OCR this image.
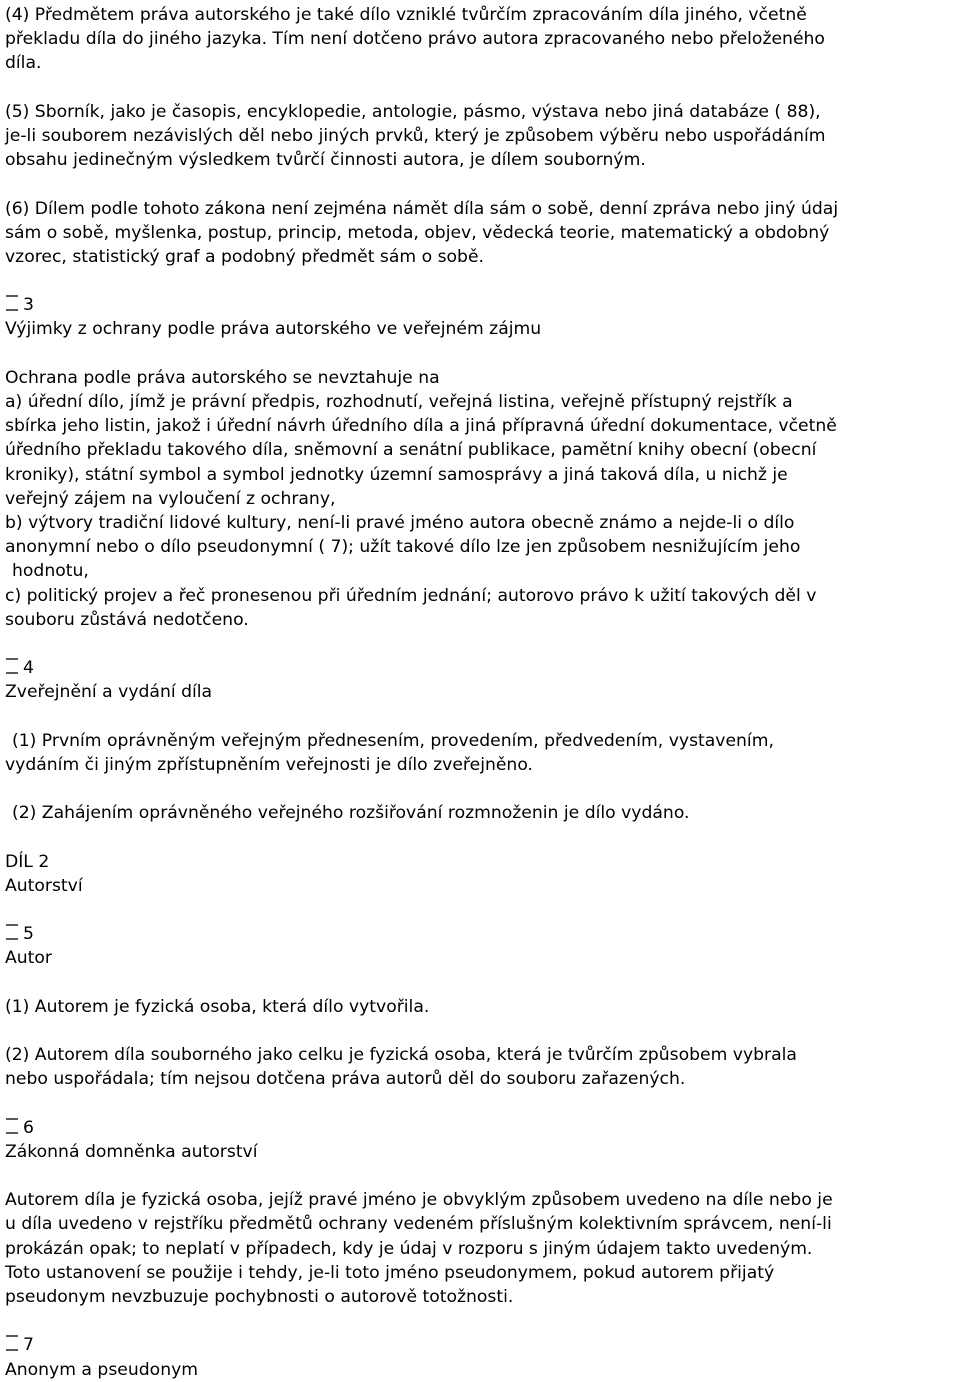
(4) Předmětem práva autorského je také dílo vzniklé tvůrčím zpracováním díla jiného, včetně
překladu díla do jiného jazyka. Tím není dotčeno právo autora zpracovaného nebo přeloženého
díla.
(5) Sborník, jako je časopis, encyklopedie, antologie, pásmo, výstava nebo jiná databáze ( 88),
je-li souborem nezávislých děl nebo jiných prvků, který je způsobem výběru nebo uspořádáním
obsahu jedinečným výsledkem tvůrčí činnosti autora, je dílem souborným.
(6) Dílem podle tohoto zákona není zejména námět díla sám o sobě, denní zpráva nebo jiný údaj
sám o sobě, myšlenka, postup, princip, metoda, objev, vědecká teorie, matematický a obdobný
vzorec, statistický graf a podobný předmět sám o sobě.
3
Výjimky z ochrany podle práva autorského ve veřejném zájmu
Ochrana podle práva autorského se nevztahuje na
a) úřední dílo, jímž je právní předpis, rozhodnutí, veřejná listina, veřejně přístupný rejstřík a
sbírka jeho listin, jakož i úřední návrh úředního díla a jiná přípravná úřední dokumentace, včetně
úředního překladu takového díla, sněmovní a senátní publikace, pamětní knihy obecní (obecní
kroniky), státní symbol a symbol jednotky územní samosprávy a jiná taková díla, u nichž je
veřejný zájem na vyloučení z ochrany,
b) výtvory tradiční lidové kultury, není-li pravé jméno autora obecně známo a nejde-li o dílo
anonymní nebo o dílo pseudonymní ( 7); užít takové dílo lze jen způsobem nesnižujícím jeho
hodnotu,
c) politický projev a řeč pronesenou při úředním jednání; autorovo právo k užití takových děl v
souboru zůstává nedotčeno.
4
Zveřejnění a vydání díla
(1) Prvním oprávněným veřejným přednesením, provedením, předvedením, vystavením,
vydáním či jiným zpřístupněním veřejnosti je dílo zveřejněno.
(2) Zahájením oprávněného veřejného rozšiřování rozmnoženin je dílo vydáno.
DÍL 2
Autorství
5
Autor
(1) Autorem je fyzická osoba, která dílo vytvořila.
(2) Autorem díla souborného jako celku je fyzická osoba, která je tvůrčím způsobem vybrala
nebo uspořádala; tím nejsou dotčena práva autorů děl do souboru zařazených.
6
Zákonná domněnka autorství
Autorem díla je fyzická osoba, jejíž pravé jméno je obvyklým způsobem uvedeno na díle nebo je
u díla uvedeno v rejstříku předmětů ochrany vedeném příslušným kolektivním správcem, není-li
prokázán opak; to neplatí v případech, kdy je údaj v rozporu s jiným údajem takto uvedeným.
Toto ustanovení se použije i tehdy, je-li toto jméno pseudonymem, pokud autorem přijatý
pseudonym nevzbuzuje pochybnosti o autorově totožnosti.
7
Anonym a pseudonym
